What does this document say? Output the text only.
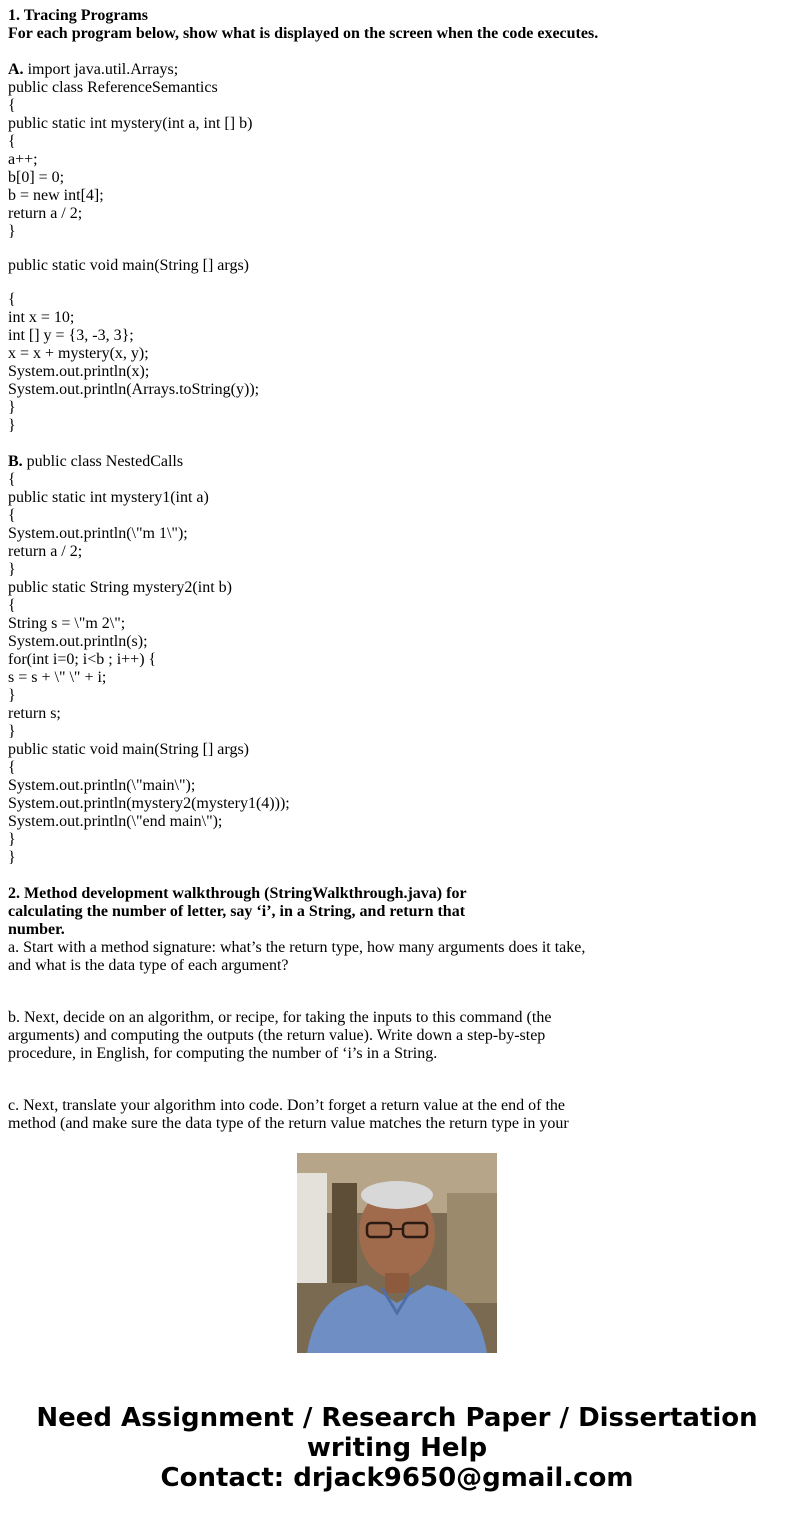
1. Tracing Programs
For each program below, show what is displayed on the screen when the code executes.
A. import java.util.Arrays;
public class ReferenceSemantics
{
public static int mystery(int a, int [] b)
{
a++;
b[0] = 0;
b = new int[4];
return a / 2;
}
public static void main(String [] args)
{
int x = 10;
int [] y = {3, -3, 3};
x = x + mystery(x, y);
System.out.println(x);
System.out.println(Arrays.toString(y));
}
}
B. public class NestedCalls
{
public static int mystery1(int a)
{
System.out.println(\"m 1\");
return a / 2;
}
public static String mystery2(int b)
{
String s = \"m 2\";
System.out.println(s);
for(int i=0; i<b ; i++) {
s = s + \" \" + i;
}
return s;
}
public static void main(String [] args)
{
System.out.println(\"main\");
System.out.println(mystery2(mystery1(4)));
System.out.println(\"end main\");
}
}
2. Method development walkthrough (StringWalkthrough.java) for
calculating the number of letter, say ‘i’, in a String, and return that
number.
a. Start with a method signature: what’s the return type, how many arguments does it take,
and what is the data type of each argument?
b. Next, decide on an algorithm, or recipe, for taking the inputs to this command (the
arguments) and computing the outputs (the return value). Write down a step-by-step
procedure, in English, for computing the number of ‘i’s in a String.
c. Next, translate your algorithm into code. Don’t forget a return value at the end of the
method (and make sure the data type of the return value matches the return type in your
Need Assignment / Research Paper / Dissertation
writing Help
Contact: drjack9650@gmail.com
